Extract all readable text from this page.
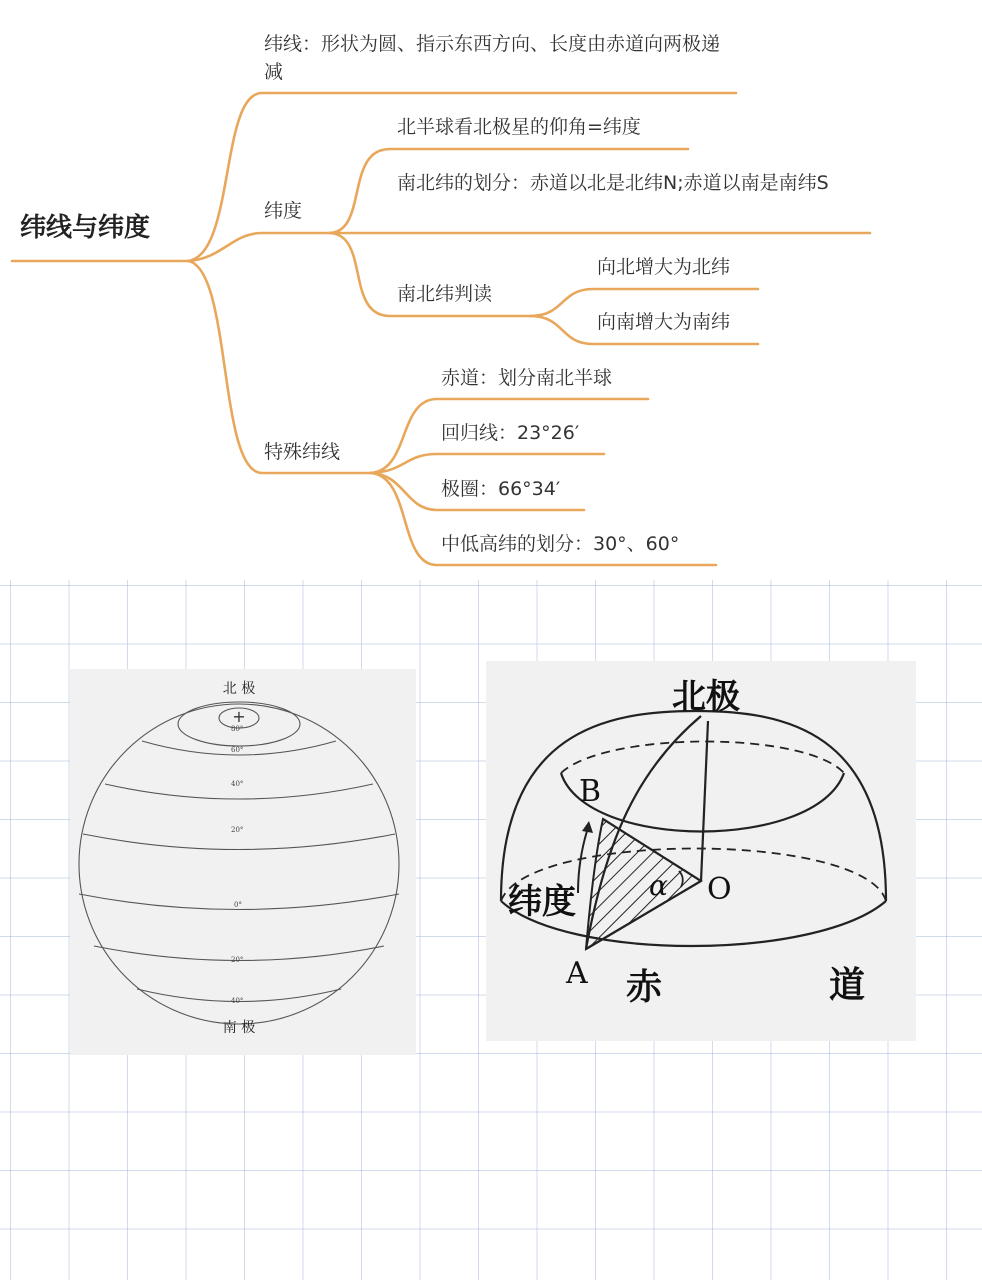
纬线与纬度
纬线：形状为圆、指示东西方向、长度由赤道向两极递减
纬度
北半球看北极星的仰角=纬度
南北纬的划分：赤道以北是北纬N;赤道以南是南纬S
南北纬判读
向北增大为北纬
向南增大为南纬
特殊纬线
赤道：划分南北半球
回归线：23°26′
极圈：66°34′
中低高纬的划分：30°、60°
80°
60°
40°
20°
0°
20°
40°
+
北 极
南 极
北极
B
A
O
α
纬度
赤	道
